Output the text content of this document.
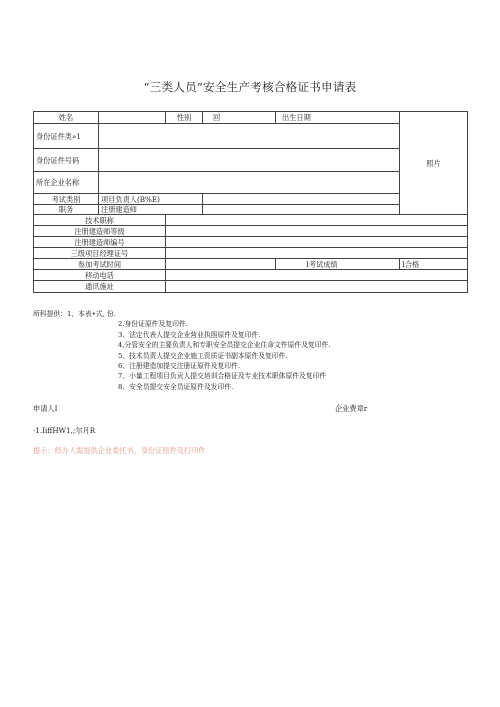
“三类人员”安全生产考核合格证书申请表
姓名		性别	回	出生日期	照片
身份证件类»1					
身份证件号码					
所在企业名称					
考试类别	项目负责人(B%E)				
职务	注册建造师				
技术职称					
注册建造师等级					
注册建造师编号					
三级项目经理证号					
参加考试时间				I考试成绩	I合格
移动电话					
通讯施址					
所科提供： 1、本表•式, 份.
2.身份证原件及复印件.
3、法定代表人提交企业营业执照原件及复印件.
4,分管安全的主要负责人和专职安全员提交企业住命文件原件及复印件.
5、技术员责人提交企业施工资质证书副本原件及复印件.
6、注册建造加提交注册证原件及复印件.
7、小量工程项目负贡人提交培训合格证及专业技术职体原件及复印件
8、安全员提交安全员证原件及发印件.
申请人I	企业费章r
·1.IiffHW1,;尔月R
提示：经办人需提供企业委托书，身份证原件及打印件.
